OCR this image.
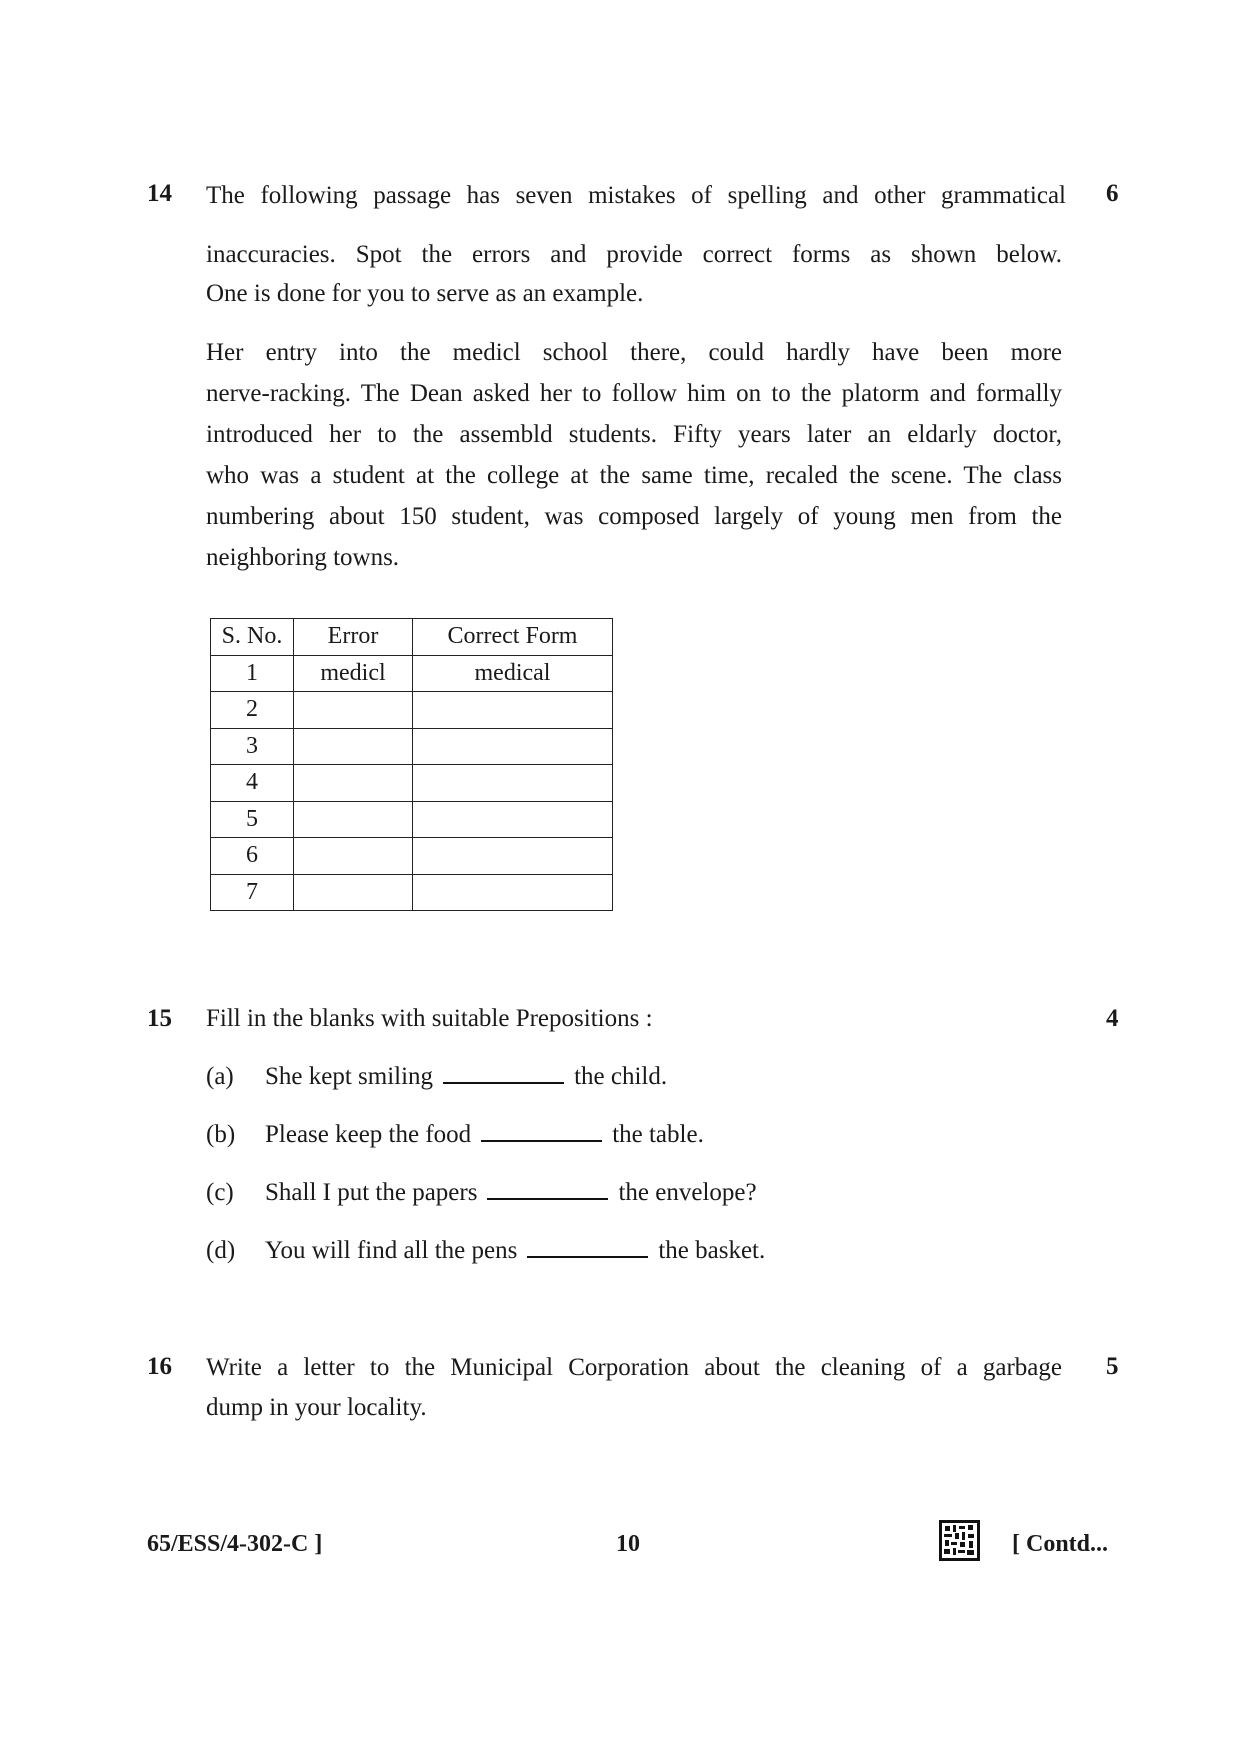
14 The following passage has seven mistakes of spelling and other grammatical 6
inaccuracies. Spot the errors and provide correct forms as shown below.
One is done for you to serve as an example.
Her entry into the medicl school there, could hardly have been more
nerve-racking. The Dean asked her to follow him on to the platorm and formally
introduced her to the assembld students. Fifty years later an eldarly doctor,
who was a student at the college at the same time, recaled the scene. The class
numbering about 150 student, was composed largely of young men from the
neighboring towns.
S. No.	Error	Correct Form
1	medicl	medical
2		
3		
4		
5		
6		
7		
15 Fill in the blanks with suitable Prepositions :	4
(a) She kept smiling	the child.
(b) Please keep the food	the table.
(c) Shall I put the papers	the envelope?
(d) You will find all the pens	the basket.
16 Write a letter to the Municipal Corporation about the cleaning of a garbage 5
dump in your locality.
65/ESS/4-302-C ]	10	[ Contd...
